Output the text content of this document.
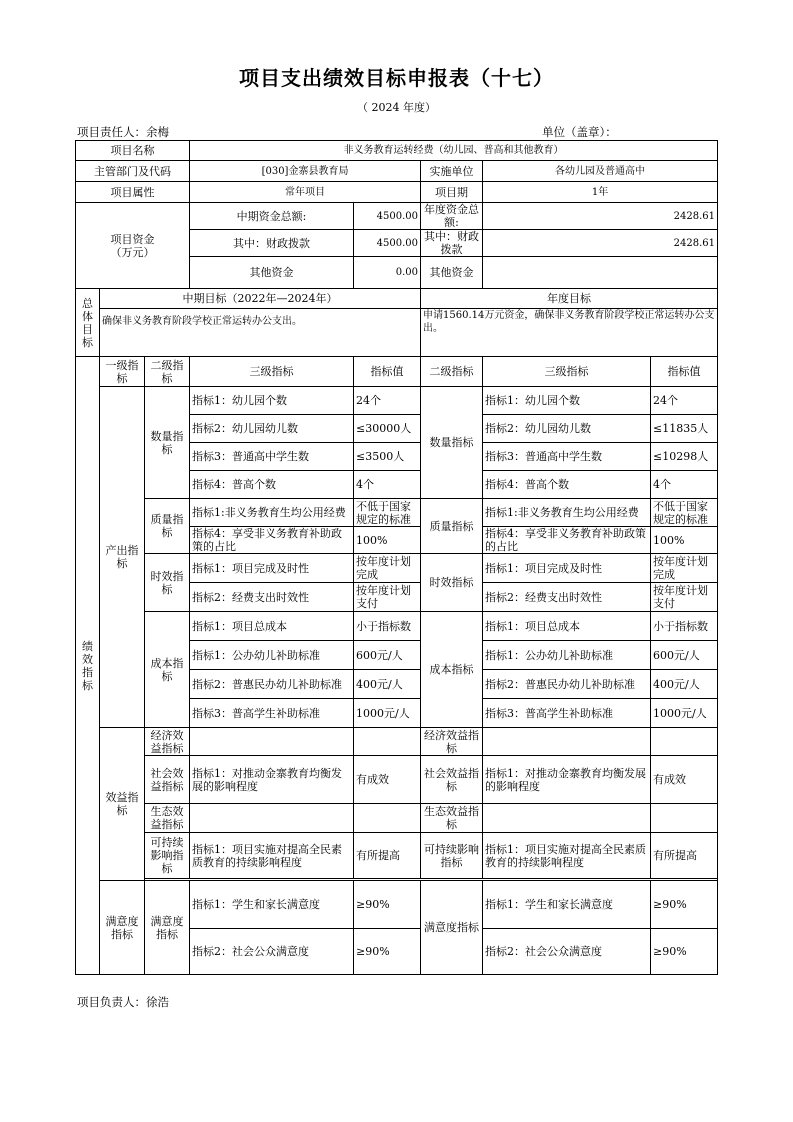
项目支出绩效目标申报表（十七）
（ 2024 年度）
项目责任人：余梅	单位（盖章）：
项目名称			非义务教育运转经费（幼儿园、普高和其他教育）				
主管部门及代码			[030]金寨县教育局		实施单位	各幼儿园及普通高中	
项目属性			常年项目		项目期	1年	

项目资金
（万元）			中期资金总额:	4500.00	年度资金总额:	2428.61	
			其中：财政拨款	4500.00	其中：财政拨款	2428.61	
			其他资金	0.00	其他资金		
总体目标	中期目标（2022年—2024年）				年度目标		
	确保非义务教育阶段学校正常运转办公支出。				申请1560.14万元资金，确保非义务教育阶段学校正常运转办公支出。		
绩效指标	一级指标	二级指标	三级指标	指标值	二级指标	三级指标	指标值
	产出指标	数量指标	指标1：幼儿园个数	24个	数量指标	指标1：幼儿园个数	24个
			指标2：幼儿园幼儿数	≤30000人		指标2：幼儿园幼儿数	≤11835人
			指标3：普通高中学生数	≤3500人		指标3：普通高中学生数	≤10298人
			指标4：普高个数	4个		指标4：普高个数	4个
		质量指标	指标1:非义务教育生均公用经费	不低于国家规定的标准	质量指标	指标1:非义务教育生均公用经费	不低于国家规定的标准
			指标4：享受非义务教育补助政策的占比	100%		指标4：享受非义务教育补助政策的占比	100%
		时效指标	指标1：项目完成及时性	按年度计划完成	时效指标	指标1：项目完成及时性	按年度计划完成
			指标2：经费支出时效性	按年度计划支付		指标2：经费支出时效性	按年度计划支付
		成本指标	指标1：项目总成本	小于指标数	成本指标	指标1：项目总成本	小于指标数
			指标1：公办幼儿补助标准	600元/人		指标1：公办幼儿补助标准	600元/人
			指标2：普惠民办幼儿补助标准	400元/人		指标2：普惠民办幼儿补助标准	400元/人
			指标3：普高学生补助标准	1000元/人		指标3：普高学生补助标准	1000元/人
	效益指标	经济效益指标			经济效益指标		
		社会效益指标	指标1：对推动金寨教育均衡发展的影响程度	有成效	社会效益指标	指标1：对推动金寨教育均衡发展的影响程度	有成效
		生态效益指标			生态效益指标		
		可持续影响指标	指标1：项目实施对提高全民素质教育的持续影响程度	有所提高	可持续影响指标	指标1：项目实施对提高全民素质教育的持续影响程度	有所提高

	满意度指标	满意度指标	指标1：学生和家长满意度	≥90%	满意度指标	指标1：学生和家长满意度	≥90%
			指标2：社会公众满意度	≥90%		指标2：社会公众满意度	≥90%
项目负责人：徐浩
